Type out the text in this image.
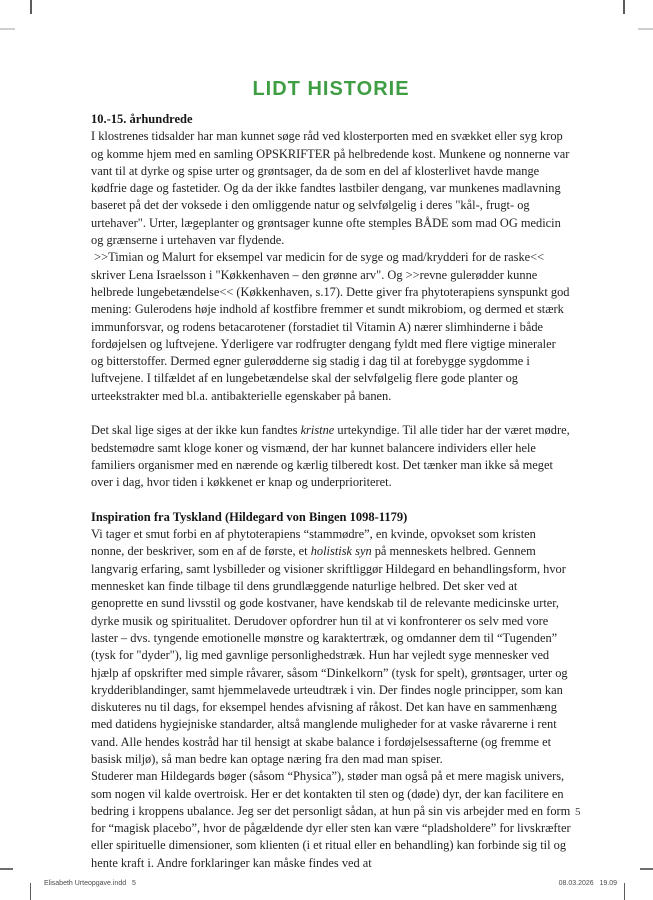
LIDT HISTORIE
10.-15. århundrede

I klostrenes tidsalder har man kunnet søge råd ved klosterporten med en svækket eller syg krop og komme hjem med en samling OPSKRIFTER på helbredende kost. Munkene og nonnerne var vant til at dyrke og spise urter og grøntsager, da de som en del af klosterlivet havde mange kødfrie dage og fastetider. Og da der ikke fandtes lastbiler dengang, var munkenes madlavning baseret på det der voksede i den omliggende natur og selvfølgelig i deres "kål-, frugt- og urtehaver". Urter, lægeplanter og grøntsager kunne ofte stemples BÅDE som mad OG medicin og grænserne i urtehaven var flydende.

>>Timian og Malurt for eksempel var medicin for de syge og mad/krydderi for de raske<< skriver Lena Israelsson i "Køkkenhaven – den grønne arv". Og >>revne gulerødder kunne helbrede lungebetændelse<< (Køkkenhaven, s.17). Dette giver fra phytoterapiens synspunkt god mening: Gulerodens høje indhold af kostfibre fremmer et sundt mikrobiom, og dermed et stærk immunforsvar, og rodens betacarotener (forstadiet til Vitamin A) nærer slimhinderne i både fordøjelsen og luftvejene. Yderligere var rodfrugter dengang fyldt med flere vigtige mineraler og bitterstoffer. Dermed egner gulerødderne sig stadig i dag til at forebygge sygdomme i luftvejene. I tilfældet af en lungebetændelse skal der selvfølgelig flere gode planter og urteekstrakter med bl.a. antibakterielle egenskaber på banen.

Det skal lige siges at der ikke kun fandtes kristne urtekyndige. Til alle tider har der været mødre, bedstemødre samt kloge koner og vismænd, der har kunnet balancere individers eller hele familiers organismer med en nærende og kærlig tilberedt kost. Det tænker man ikke så meget over i dag, hvor tiden i køkkenet er knap og underprioriteret.

Inspiration fra Tyskland (Hildegard von Bingen 1098-1179)

Vi tager et smut forbi en af phytoterapiens “stammødre”, en kvinde, opvokset som kristen nonne, der beskriver, som en af de første, et holistisk syn på menneskets helbred. Gennem langvarig erfaring, samt lysbilleder og visioner skriftliggør Hildegard en behandlingsform, hvor mennesket kan finde tilbage til dens grundlæggende naturlige helbred. Det sker ved at genoprette en sund livsstil og gode kostvaner, have kendskab til de relevante medicinske urter, dyrke musik og spiritualitet. Derudover opfordrer hun til at vi konfronterer os selv med vore laster – dvs. tyngende emotionelle mønstre og karaktertræk, og omdanner dem til “Tugenden” (tysk for "dyder"), lig med gavnlige personlighedstræk. Hun har vejledt syge mennesker ved hjælp af opskrifter med simple råvarer, såsom “Dinkelkorn” (tysk for spelt), grøntsager, urter og krydderiblandinger, samt hjemmelavede urteudtræk i vin. Der findes nogle principper, som kan diskuteres nu til dags, for eksempel hendes afvisning af råkost. Det kan have en sammenhæng med datidens hygiejniske standarder, altså manglende muligheder for at vaske råvarerne i rent vand. Alle hendes kostråd har til hensigt at skabe balance i fordøjelsessafterne (og fremme et basisk miljø), så man bedre kan optage næring fra den mad man spiser.

Studerer man Hildegards bøger (såsom “Physica”), støder man også på et mere magisk univers, som nogen vil kalde overtroisk. Her er det kontakten til sten og (døde) dyr, der kan facilitere en bedring i kroppens ubalance. Jeg ser det personligt sådan, at hun på sin vis arbejder med en form for “magisk placebo”, hvor de pågældende dyr eller sten kan være “pladsholdere” for livskræfter eller spirituelle dimensioner, som klienten (i et ritual eller en behandling) kan forbinde sig til og hente kraft i. Andre forklaringer kan måske findes ved at

5
Elisabeth Urteopgave.indd   5	08.03.2026   19.09
